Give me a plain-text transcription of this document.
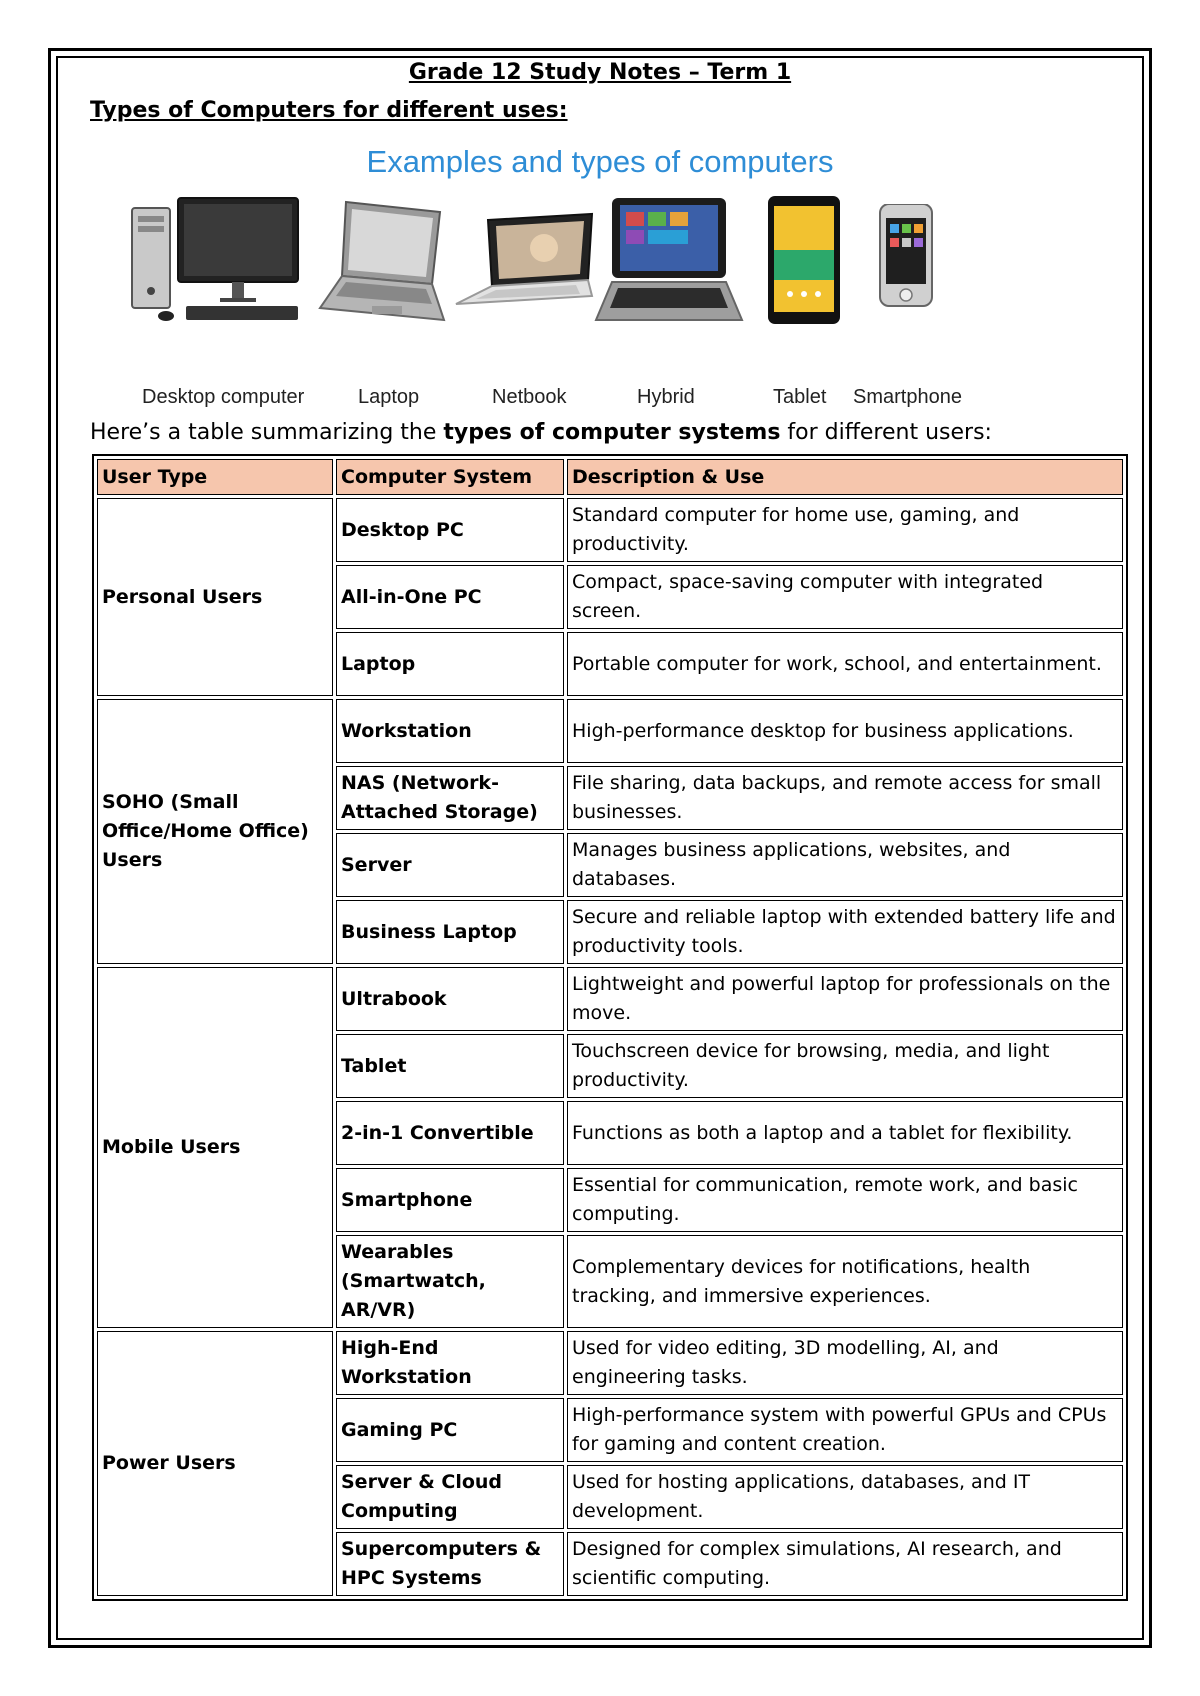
Grade 12 Study Notes – Term 1
Types of Computers for different uses:
Examples and types of computers
Desktop computer	Laptop	Netbook	Hybrid	Tablet Smartphone
Here’s a table summarizing the types of computer systems for different users:
User Type	Computer System	Description & Use
Personal Users	Desktop PC	Standard computer for home use, gaming, and productivity.
	All-in-One PC	Compact, space-saving computer with integrated screen.
	Laptop	Portable computer for work, school, and entertainment.
SOHO (Small Office/Home Office) Users	Workstation	High-performance desktop for business applications.
	NAS (Network-Attached Storage)	File sharing, data backups, and remote access for small businesses.
	Server	Manages business applications, websites, and databases.
	Business Laptop	Secure and reliable laptop with extended battery life and productivity tools.
Mobile Users	Ultrabook	Lightweight and powerful laptop for professionals on the move.
	Tablet	Touchscreen device for browsing, media, and light productivity.
	2-in-1 Convertible	Functions as both a laptop and a tablet for flexibility.
	Smartphone	Essential for communication, remote work, and basic computing.
	Wearables (Smartwatch, AR/VR)	Complementary devices for notifications, health tracking, and immersive experiences.
Power Users	High-End Workstation	Used for video editing, 3D modelling, AI, and engineering tasks.
	Gaming PC	High-performance system with powerful GPUs and CPUs for gaming and content creation.
	Server & Cloud Computing	Used for hosting applications, databases, and IT development.
	Supercomputers & HPC Systems	Designed for complex simulations, AI research, and scientific computing.
